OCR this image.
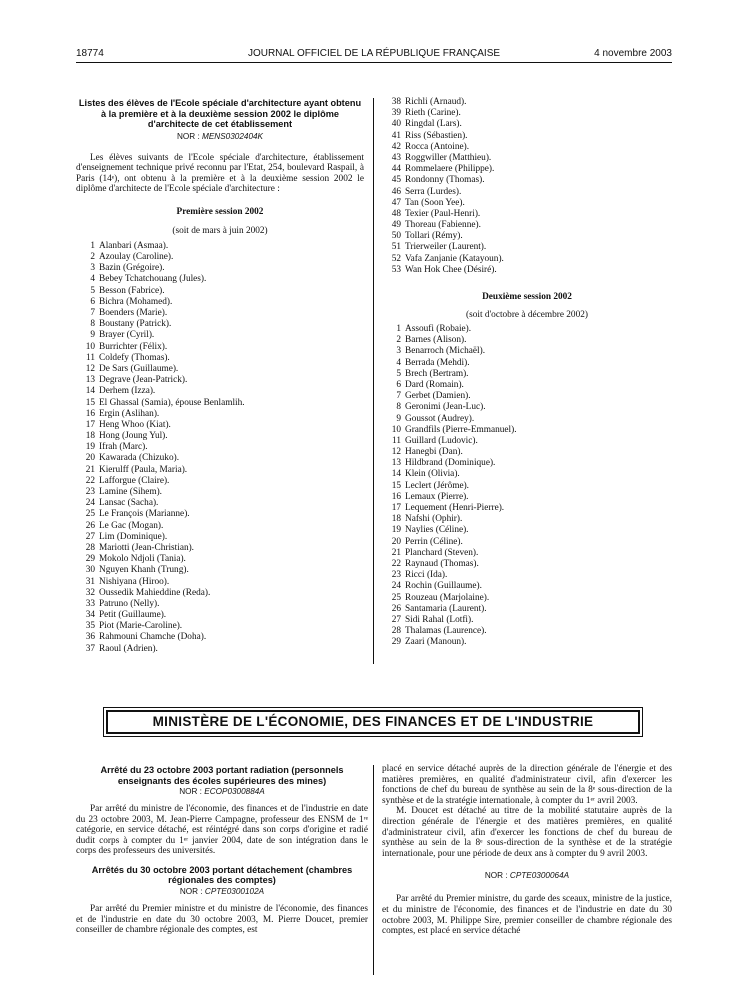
18774	JOURNAL OFFICIEL DE LA RÉPUBLIQUE FRANÇAISE	4 novembre 2003
Listes des élèves de l'Ecole spéciale d'architecture ayant obtenu à la première et à la deuxième session 2002 le diplôme d'architecte de cet établissement
NOR : MENS0302404K
Les élèves suivants de l'Ecole spéciale d'architecture, établissement d'enseignement technique privé reconnu par l'Etat, 254, boulevard Raspail, à Paris (14ᵉ), ont obtenu à la première et à la deuxième session 2002 le diplôme d'architecte de l'Ecole spéciale d'architecture :
Première session 2002
(soit de mars à juin 2002)
1 Alanbari (Asmaa).
2 Azoulay (Caroline).
3 Bazin (Grégoire).
4 Bebey Tchatchouang (Jules).
5 Besson (Fabrice).
6 Bichra (Mohamed).
7 Boenders (Marie).
8 Boustany (Patrick).
9 Brayer (Cyril).
10 Burrichter (Félix).
11 Coldefy (Thomas).
12 De Sars (Guillaume).
13 Degrave (Jean-Patrick).
14 Derhem (Izza).
15 El Ghassal (Samia), épouse Benlamlih.
16 Ergin (Aslihan).
17 Heng Whoo (Kiat).
18 Hong (Joung Yul).
19 Ifrah (Marc).
20 Kawarada (Chizuko).
21 Kierulff (Paula, Maria).
22 Lafforgue (Claire).
23 Lamine (Sihem).
24 Lansac (Sacha).
25 Le François (Marianne).
26 Le Gac (Mogan).
27 Lim (Dominique).
28 Mariotti (Jean-Christian).
29 Mokolo Ndjoli (Tania).
30 Nguyen Khanh (Trung).
31 Nishiyana (Hiroo).
32 Oussedik Mahieddine (Reda).
33 Patruno (Nelly).
34 Petit (Guillaume).
35 Piot (Marie-Caroline).
36 Rahmouni Chamche (Doha).
37 Raoul (Adrien).
38 Richli (Arnaud).
39 Rieth (Carine).
40 Ringdal (Lars).
41 Riss (Sébastien).
42 Rocca (Antoine).
43 Roggwiller (Matthieu).
44 Rommelaere (Philippe).
45 Rondonny (Thomas).
46 Serra (Lurdes).
47 Tan (Soon Yee).
48 Texier (Paul-Henri).
49 Thoreau (Fabienne).
50 Tollari (Rémy).
51 Trierweiler (Laurent).
52 Vafa Zanjanie (Katayoun).
53 Wan Hok Chee (Désiré).
Deuxième session 2002
(soit d'octobre à décembre 2002)
1 Assoufi (Robaie).
2 Barnes (Alison).
3 Benarroch (Michaël).
4 Berrada (Mehdi).
5 Brech (Bertram).
6 Dard (Romain).
7 Gerbet (Damien).
8 Geronimi (Jean-Luc).
9 Goussot (Audrey).
10 Grandfils (Pierre-Emmanuel).
11 Guillard (Ludovic).
12 Hanegbi (Dan).
13 Hildbrand (Dominique).
14 Klein (Olivia).
15 Leclert (Jérôme).
16 Lemaux (Pierre).
17 Lequement (Henri-Pierre).
18 Nafshi (Ophir).
19 Naylies (Céline).
20 Perrin (Céline).
21 Planchard (Steven).
22 Raynaud (Thomas).
23 Ricci (Ida).
24 Rochin (Guillaume).
25 Rouzeau (Marjolaine).
26 Santamaria (Laurent).
27 Sidi Rahal (Lotfi).
28 Thalamas (Laurence).
29 Zaari (Manoun).
MINISTÈRE DE L'ÉCONOMIE, DES FINANCES ET DE L'INDUSTRIE
Arrêté du 23 octobre 2003 portant radiation (personnels enseignants des écoles supérieures des mines)
NOR : ECOP0300884A
Par arrêté du ministre de l'économie, des finances et de l'industrie en date du 23 octobre 2003, M. Jean-Pierre Campagne, professeur des ENSM de 1ʳᵉ catégorie, en service détaché, est réintégré dans son corps d'origine et radié dudit corps à compter du 1ᵉʳ janvier 2004, date de son intégration dans le corps des professeurs des universités.
Arrêtés du 30 octobre 2003 portant détachement (chambres régionales des comptes)
NOR : CPTE0300102A
Par arrêté du Premier ministre et du ministre de l'économie, des finances et de l'industrie en date du 30 octobre 2003, M. Pierre Doucet, premier conseiller de chambre régionale des comptes, est
placé en service détaché auprès de la direction générale de l'énergie et des matières premières, en qualité d'administrateur civil, afin d'exercer les fonctions de chef du bureau de synthèse au sein de la 8ᵉ sous-direction de la synthèse et de la stratégie internationale, à compter du 1ᵉʳ avril 2003.
M. Doucet est détaché au titre de la mobilité statutaire auprès de la direction générale de l'énergie et des matières premières, en qualité d'administrateur civil, afin d'exercer les fonctions de chef du bureau de synthèse au sein de la 8ᵉ sous-direction de la synthèse et de la stratégie internationale, pour une période de deux ans à compter du 9 avril 2003.
NOR : CPTE0300064A
Par arrêté du Premier ministre, du garde des sceaux, ministre de la justice, et du ministre de l'économie, des finances et de l'industrie en date du 30 octobre 2003, M. Philippe Sire, premier conseiller de chambre régionale des comptes, est placé en service détaché
